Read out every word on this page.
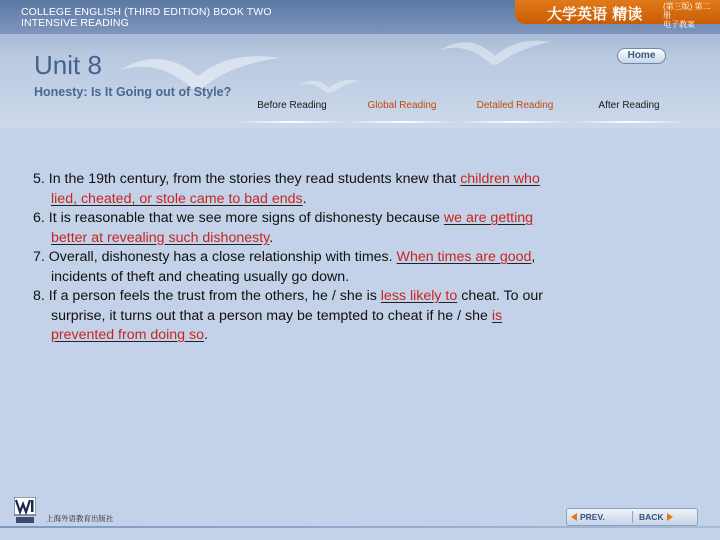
COLLEGE ENGLISH (THIRD EDITION) BOOK TWO
INTENSIVE READING	大学英语 精读	(第三版) 第二册
电子教案
Unit 8
Honesty: Is It Going out of Style?
Home
Before Reading	Global Reading	Detailed Reading	After Reading
5. In the 19th century, from the stories they read students knew that children who
lied, cheated, or stole came to bad ends.
6. It is reasonable that we see more signs of dishonesty because we are getting
better at revealing such dishonesty.
7. Overall, dishonesty has a close relationship with times. When times are good,
incidents of theft and cheating usually go down.
8. If a person feels the trust from the others, he / she is less likely to cheat. To our
surprise, it turns out that a person may be tempted to cheat if he / she is
prevented from doing so.
上海外语教育出版社	PREV.	BACK
